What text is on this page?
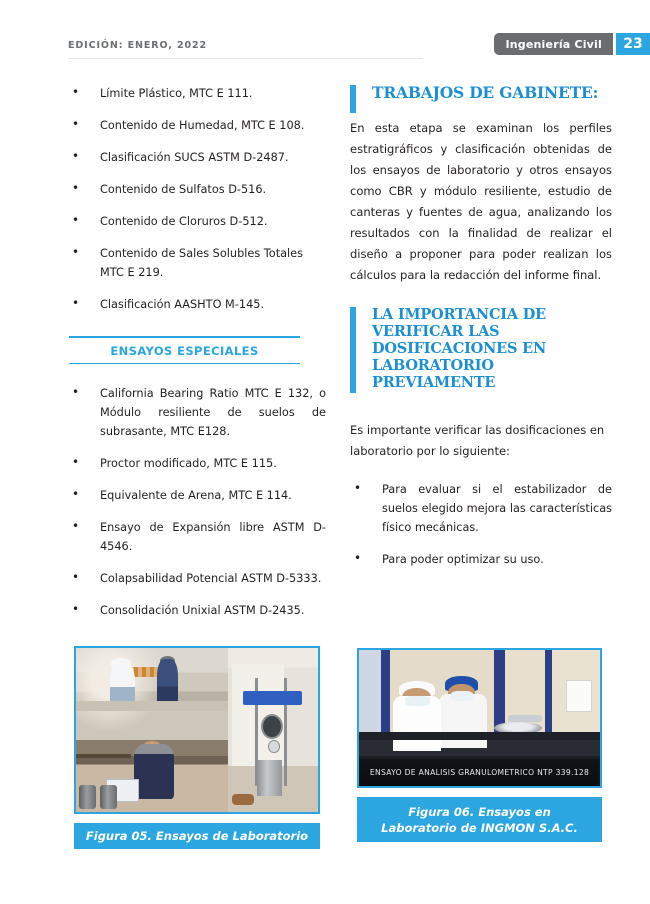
EDICIÓN: ENERO, 2022	Ingeniería Civil	23
• Límite Plástico, MTC E 111.
• Contenido de Humedad, MTC E 108.
• Clasificación SUCS ASTM D-2487.
• Contenido de Sulfatos D-516.
• Contenido de Cloruros D-512.
• Contenido de Sales Solubles Totales MTC E 219.
• Clasificación AASHTO M-145.
ENSAYOS ESPECIALES
• California Bearing Ratio MTC E 132, o Módulo resiliente de suelos de subrasante, MTC E128.
• Proctor modificado, MTC E 115.
• Equivalente de Arena, MTC E 114.
• Ensayo de Expansión libre ASTM D-4546.
• Colapsabilidad Potencial ASTM D-5333.
• Consolidación Unixial ASTM D-2435.
TRABAJOS DE GABINETE:

En esta etapa se examinan los perfiles estratigráficos y clasificación obtenidas de los ensayos de laboratorio y otros ensayos como CBR y módulo resiliente, estudio de canteras y fuentes de agua, analizando los resultados con la finalidad de realizar el diseño a proponer para poder realizan los cálculos para la redacción del informe final.

LA IMPORTANCIA DE VERIFICAR LAS DOSIFICACIONES EN LABORATORIO PREVIAMENTE

Es importante verificar las dosificaciones en laboratorio por lo siguiente:

• Para evaluar si el estabilizador de suelos elegido mejora las características físico mecánicas.
• Para poder optimizar su uso.
Figura 05. Ensayos de Laboratorio
ENSAYO DE ANALISIS GRANULOMETRICO NTP 339.128
Figura 06. Ensayos en Laboratorio de INGMON S.A.C.
